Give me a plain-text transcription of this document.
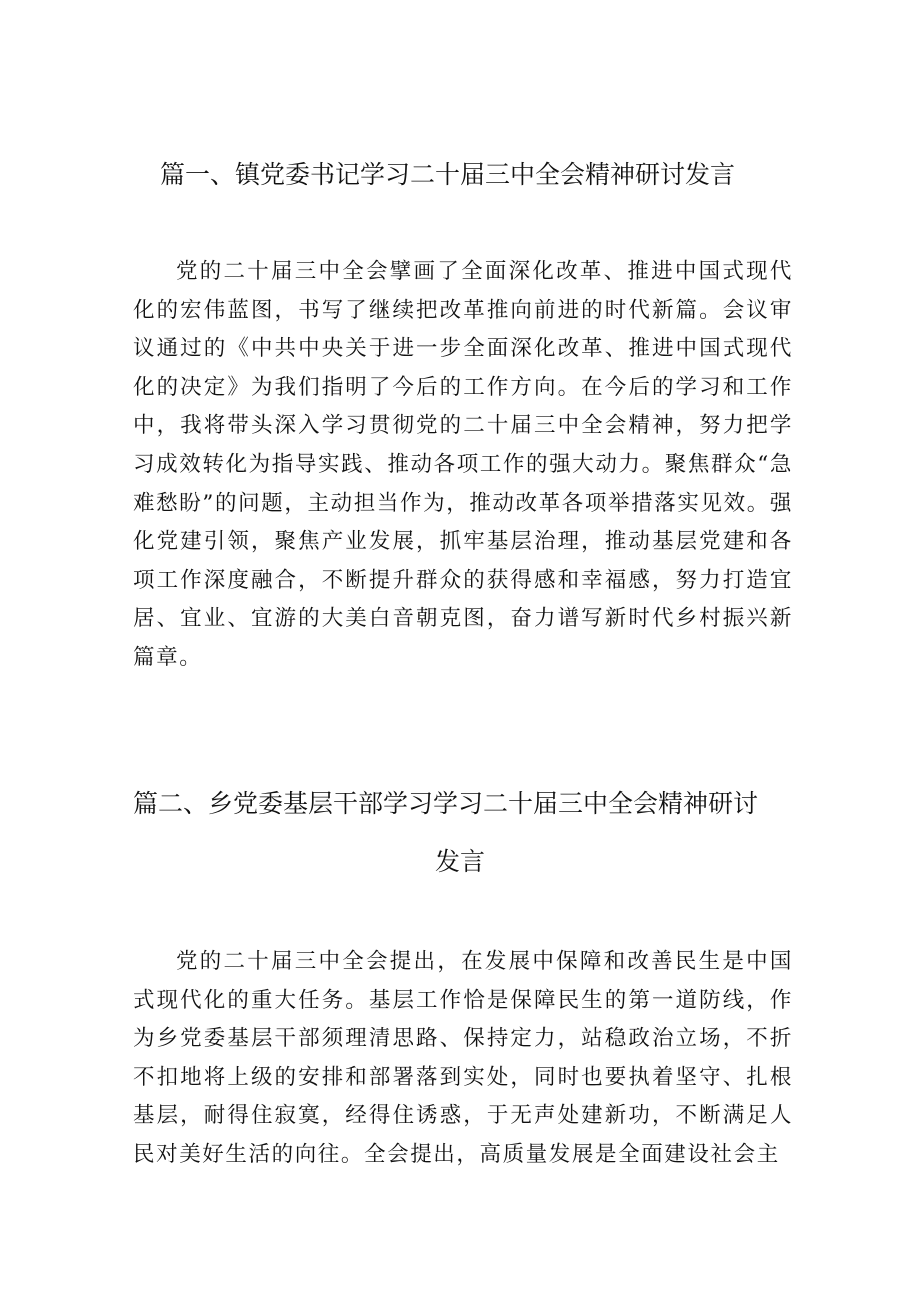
篇一、镇党委书记学习二十届三中全会精神研讨发言

党的二十届三中全会擘画了全面深化改革、推进中国式现代化的宏伟蓝图，书写了继续把改革推向前进的时代新篇。会议审议通过的《中共中央关于进一步全面深化改革、推进中国式现代化的决定》为我们指明了今后的工作方向。在今后的学习和工作中，我将带头深入学习贯彻党的二十届三中全会精神，努力把学习成效转化为指导实践、推动各项工作的强大动力。聚焦群众“急难愁盼”的问题，主动担当作为，推动改革各项举措落实见效。强化党建引领，聚焦产业发展，抓牢基层治理，推动基层党建和各项工作深度融合，不断提升群众的获得感和幸福感，努力打造宜居、宜业、宜游的大美白音朝克图，奋力谱写新时代乡村振兴新篇章。

篇二、乡党委基层干部学习学习二十届三中全会精神研讨
发言

党的二十届三中全会提出，在发展中保障和改善民生是中国式现代化的重大任务。基层工作恰是保障民生的第一道防线，作为乡党委基层干部须理清思路、保持定力，站稳政治立场，不折不扣地将上级的安排和部署落到实处，同时也要执着坚守、扎根基层，耐得住寂寞，经得住诱惑，于无声处建新功，不断满足人民对美好生活的向往。全会提出，高质量发展是全面建设社会主
